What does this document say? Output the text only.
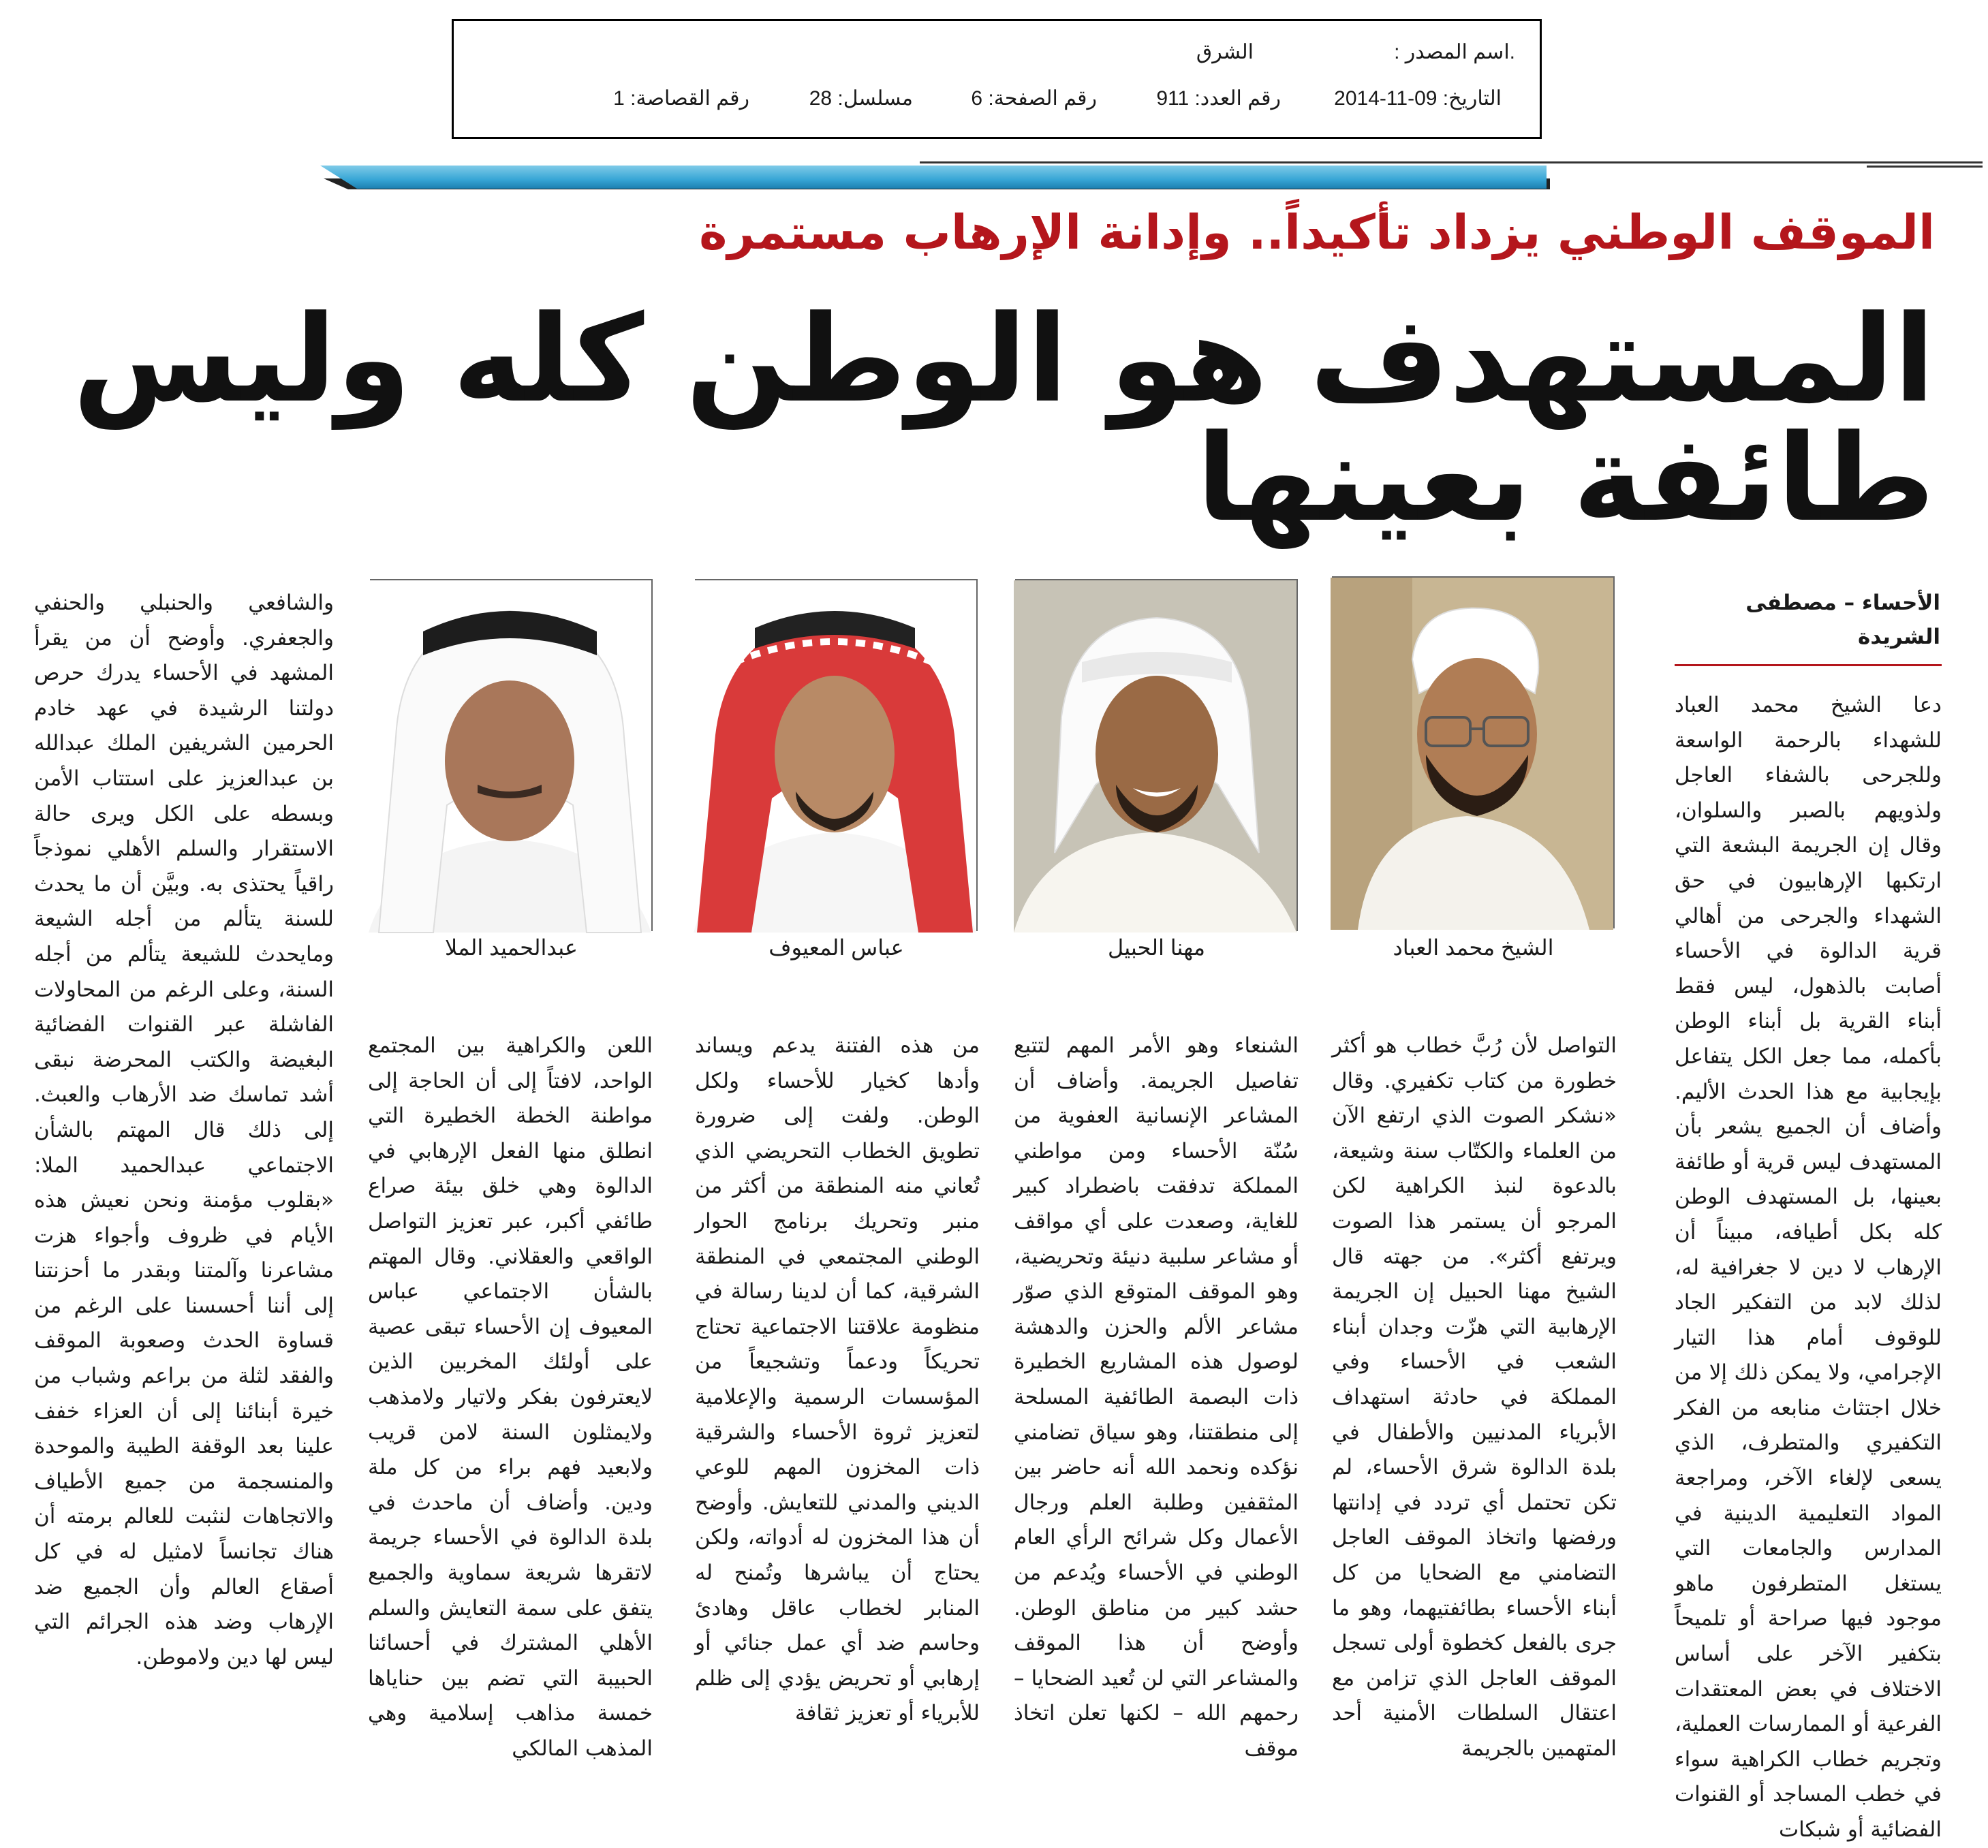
.اسم المصدر :
الشرق
التاريخ: 09-11-2014
رقم العدد: 911
رقم الصفحة: 6
مسلسل: 28
رقم القصاصة: 1
الموقف الوطني يزداد تأكيداً.. وإدانة الإرهاب مستمرة
المستهدف هو الوطن كله وليس
طائفة بعينها
الأحساء – مصطفى
الشريدة
الشيخ محمد العباد
مهنا الحبيل
عباس المعيوف
عبدالحميد الملا

دعا الشيخ محمد العباد للشهداء بالرحمة الواسعة وللجرحى بالشفاء العاجل ولذويهم بالصبر والسلوان، وقال إن الجريمة البشعة التي ارتكبها الإرهابيون في حق الشهداء والجرحى من أهالي قرية الدالوة في الأحساء أصابت بالذهول، ليس فقط أبناء القرية بل أبناء الوطن بأكمله، مما جعل الكل يتفاعل بإيجابية مع هذا الحدث الأليم. وأضاف أن الجميع يشعر بأن المستهدف ليس قرية أو طائفة بعينها، بل المستهدف الوطن كله بكل أطيافه، مبيناً أن الإرهاب لا دين لا جغرافية له، لذلك لابد من التفكير الجاد للوقوف أمام هذا التيار الإجرامي، ولا يمكن ذلك إلا من خلال اجتثاث منابعه من الفكر التكفيري والمتطرف، الذي يسعى لإلغاء الآخر، ومراجعة المواد التعليمية الدينية في المدارس والجامعات التي يستغل المتطرفون ماهو موجود فيها صراحة أو تلميحاً بتكفير الآخر على أساس الاختلاف في بعض المعتقدات الفرعية أو الممارسات العملية، وتجريم خطاب الكراهية سواء في خطب المساجد أو القنوات الفضائية أو شبكات

التواصل لأن رُبَّ خطاب هو أكثر خطورة من كتاب تكفيري. وقال «نشكر الصوت الذي ارتفع الآن من العلماء والكتّاب سنة وشيعة، بالدعوة لنبذ الكراهية لكن المرجو أن يستمر هذا الصوت ويرتفع أكثر». من جهته قال الشيخ مهنا الحبيل إن الجريمة الإرهابية التي هزّت وجدان أبناء الشعب في الأحساء وفي المملكة في حادثة استهداف الأبرياء المدنيين والأطفال في بلدة الدالوة شرق الأحساء، لم تكن تحتمل أي تردد في إدانتها ورفضها واتخاذ الموقف العاجل التضامني مع الضحايا من كل أبناء الأحساء بطائفتيهما، وهو ما جرى بالفعل كخطوة أولى تسجل الموقف العاجل الذي تزامن مع اعتقال السلطات الأمنية أحد المتهمين بالجريمة

الشنعاء وهو الأمر المهم لتتبع تفاصيل الجريمة. وأضاف أن المشاعر الإنسانية العفوية من سُنّة الأحساء ومن مواطني المملكة تدفقت باضطراد كبير للغاية، وصعدت على أي مواقف أو مشاعر سلبية دنيئة وتحريضية، وهو الموقف المتوقع الذي صوّر مشاعر الألم والحزن والدهشة لوصول هذه المشاريع الخطيرة ذات البصمة الطائفية المسلحة إلى منطقتنا، وهو سياق تضامني نؤكده ونحمد الله أنه حاضر بين المثقفين وطلبة العلم ورجال الأعمال وكل شرائح الرأي العام الوطني في الأحساء ويُدعم من حشد كبير من مناطق الوطن. وأوضح أن هذا الموقف والمشاعر التي لن تُعيد الضحايا – رحمهم الله – لكنها تعلن اتخاذ موقف

من هذه الفتنة يدعم ويساند وأدها كخيار للأحساء ولكل الوطن. ولفت إلى ضرورة تطويق الخطاب التحريضي الذي تُعاني منه المنطقة من أكثر من منبر وتحريك برنامج الحوار الوطني المجتمعي في المنطقة الشرقية، كما أن لدينا رسالة في منظومة علاقتنا الاجتماعية تحتاج تحريكاً ودعماً وتشجيعاً من المؤسسات الرسمية والإعلامية لتعزيز ثروة الأحساء والشرقية ذات المخزون المهم للوعي الديني والمدني للتعايش. وأوضح أن هذا المخزون له أدواته، ولكن يحتاج أن يباشرها وتُمنح له المنابر لخطاب عاقل وهادئ وحاسم ضد أي عمل جنائي أو إرهابي أو تحريض يؤدي إلى ظلم للأبرياء أو تعزيز ثقافة

اللعن والكراهية بين المجتمع الواحد، لافتاً إلى أن الحاجة إلى مواطنة الخطة الخطيرة التي انطلق منها الفعل الإرهابي في الدالوة وهي خلق بيئة صراع طائفي أكبر، عبر تعزيز التواصل الواقعي والعقلاني. وقال المهتم بالشأن الاجتماعي عباس المعيوف إن الأحساء تبقى عصية على أولئك المخربين الذين لايعترفون بفكر ولاتيار ولامذهب ولايمثلون السنة لامن قريب ولابعيد فهم براء من كل ملة ودين. وأضاف أن ماحدث في بلدة الدالوة في الأحساء جريمة لاتقرها شريعة سماوية والجميع يتفق على سمة التعايش والسلم الأهلي المشترك في أحسائنا الحبيبة التي تضم بين حناياها خمسة مذاهب إسلامية وهي المذهب المالكي

والشافعي والحنبلي والحنفي والجعفري. وأوضح أن من يقرأ المشهد في الأحساء يدرك حرص دولتنا الرشيدة في عهد خادم الحرمين الشريفين الملك عبدالله بن عبدالعزيز على استتاب الأمن وبسطه على الكل ويرى حالة الاستقرار والسلم الأهلي نموذجاً راقياً يحتذى به. وبيَّن أن ما يحدث للسنة يتألم من أجله الشيعة ومايحدث للشيعة يتألم من أجله السنة، وعلى الرغم من المحاولات الفاشلة عبر القنوات الفضائية البغيضة والكتب المحرضة نبقى أشد تماسك ضد الأرهاب والعبث. إلى ذلك قال المهتم بالشأن الاجتماعي عبدالحميد الملا: «بقلوب مؤمنة ونحن نعيش هذه الأيام في ظروف وأجواء هزت مشاعرنا وآلمتنا وبقدر ما أحزنتنا إلى أننا أحسسنا على الرغم من قساوة الحدث وصعوبة الموقف والفقد لثلة من براعم وشباب من خيرة أبنائنا إلى أن العزاء خفف علينا بعد الوقفة الطيبة والموحدة والمنسجمة من جميع الأطياف والاتجاهات لنثبت للعالم برمته أن هناك تجانساً لامثيل له في كل أصقاع العالم وأن الجميع ضد الإرهاب وضد هذه الجرائم التي ليس لها دين ولاموطن.
